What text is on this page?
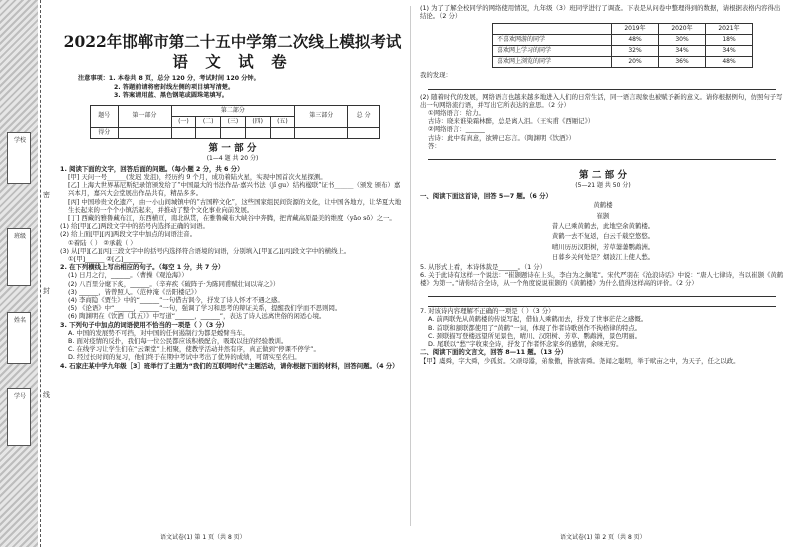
学校
班级
姓名
学号
密
封
线
2022年邯郸市第二十五中学第二次线上模拟考试
语 文 试 卷
注意事项：1. 本卷共 8 页，总分 120 分，考试时间 120 分钟。
2. 答题前请将密封线左侧的项目填写清楚。
3. 答案请用蓝、黑色钢笔或圆珠笔填写。
题号	第一部分	第二部分					第三部分	总 分
		(一)	(二)	(三)	(四)	(五)		
得分								
第 一 部 分
(1—4 题 共 20 分)
1. 阅读下面的文字，回答后面的问题。（每小题 2 分，共 6 分）
[甲] 天问一号______(发迟 发沮)，经历约 9 个月，成功着陆火星，实现中国首次火星探测。
[乙] 上海大世界基尼斯纪录馆颁发给了“中国最大的书法作品·嘉兴书法（jǐ gu）结构楹联”证书______（颁发 颁布）嘉兴本月，嘉兴大会堂展出作品共有，精品多多。
[丙] 中国珍贵文化遗产，由一小山间城镇中的“古国粹文化”，这些国家组民间资源的文化，让中国各地方，让华夏大地生长起来的一个个小镇活起来，并推动了整个文化事业向前发展。
[丁] 西藏的雅鲁藏布江，东西横亘，南北纵贯，在雅鲁藏布大峡谷中奔腾，把青藏高原最美的维度（yāo sō）之一。
(1) 给[甲][乙]两段文字中的括号内选择正确的词语。
(2) 给上面[甲][丙]两段文字中加点的词语注音。
①着陆（ ） ②承载（ ）
(3) 从[甲][乙][丙]三段文字中的括号内选择符合语境的词语，分别填入[甲][乙][丙]段文字中的横线上。
①[甲]______ ②[乙]______
2. 在下列横线上写出相应的句子。（每空 1 分，共 7 分）
(1) 日月之行，______。（曹操《观沧海》）
(2) 八百里分麾下炙，______。（辛弃疾《破阵子·为陈同甫赋壮词以寄之》）
(3) ______，皆曾照人。（范仲淹《岳阳楼记》）
(4) 李商隐《贾生》中的“______”一句借古讽今，抒发了诗人怀才不遇之感。
(5) 《论语》中“______，______”一句，强调了学习和思考的辩证关系，提醒我们学而不思则罔。
(6) 陶渊明在《饮酒（其五）》中写道“______，______”，表达了诗人远离世俗的闲适心境。
3. 下列句子中加点的词语使用不恰当的一项是（ ）（3 分）
A. 中国的发展势不可挡，对中国的任何遏制行为都是螳臂当车。
B. 面对疫情的反扑，我们每一位公民都应该积极配合，吸取以往的经验教训。
C. 在线学习让学生们在“云课堂”上相聚，使教学活动井然有序，真正做到“停课不停学”。
D. 经过长时间的复习，他们终于在期中考试中考出了优异的成绩，可谓实至名归。
4. 石家庄某中学九年级［3］班举行了主题为“我们的互联网时代”主题活动，请你根据下面的材料，回答问题。（4 分）
语文试卷(1) 第 1 页（共 8 页）
(1) 为了了解全校同学的网络使用情况，九年级（3）班同学进行了调查。下表是从问卷中整理得到的数据，请根据表格内容得出结论。（2 分）
	2019年	2020年	2021年
不喜欢网游的同学	48%	30%	18%
喜欢网上学习的同学	32%	34%	34%
喜欢网上浏览的同学	20%	36%	48%
我的发现：
(2) 随着时代的发展，网络语言也越来越多地进入人们的日常生活，同一语言现象也被赋予新的意义。请你根据例句，仿照句子写出一句网络流行语，并写出它所表达的意思。（2 分）
①网络语言：给力。
古诗：晓来谁染霜林醉，总是离人泪。（王实甫《西厢记》）
②网络语言：______
古诗：此中有真意，欲辨已忘言。（陶渊明《饮酒》）
答：
第 二 部 分
(5—21 题 共 50 分)
一、阅读下面这首诗，回答 5—7 题。（6 分）
黄鹤楼
崔颢
昔人已乘黄鹤去，此地空余黄鹤楼。
黄鹤一去不复返，白云千载空悠悠。
晴川历历汉阳树，芳草萋萋鹦鹉洲。
日暮乡关何处是？烟波江上使人愁。
5. 从形式上看，本诗体裁是______。（1 分）
6. 关于此诗有这样一个说法：“崔颢题诗在上头，李白为之搁笔”。宋代严羽在《沧浪诗话》中说：“唐人七律诗，当以崔颢《黄鹤楼》为第一。”请你结合全诗，从一个角度说说崔颢的《黄鹤楼》为什么值得这样高的评价。（2 分）
7. 对该诗内容理解不正确的一项是（ ）（3 分）
A. 前两联先从黄鹤楼的传说写起，借仙人乘鹤而去，抒发了世事茫茫之感慨。
B. 首联和颔联都使用了“黄鹤”一词，体现了作者诗歌创作不拘格律的特点。
C. 颈联描写登楼远望所见景色，晴川、汉阳树、芳草、鹦鹉洲，景色明丽。
D. 尾联以“愁”字收束全诗，抒发了作者怀念家乡的感情，余味无穷。
二、阅读下面的文言文，回答 8—11 题。（13 分）
【甲】虞舜，字大舜，少孤贫。父顽母嚣，弟象傲，皆欲害舜。尧闻之聪明，举于畎亩之中，为天子，任之以政。
语文试卷(1) 第 2 页（共 8 页）
